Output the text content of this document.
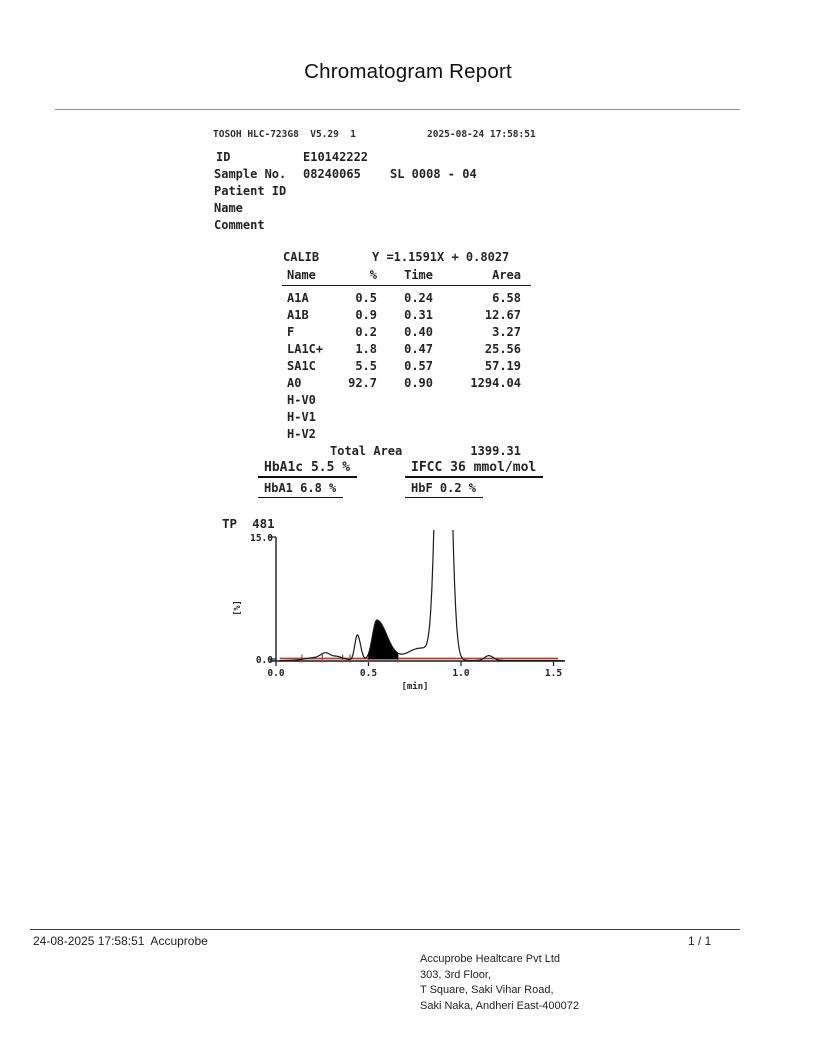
Chromatogram Report
TOSOH HLC-723G8  V5.29  1	2025-08-24 17:58:51
ID	E10142222
Sample No. 08240065 SL 0008 - 04
Patient ID
Name
Comment
CALIB	Y =1.1591X + 0.8027
Name	%	Time	Area
A1A	0.5	0.24	6.58
A1B	0.9	0.31	12.67
F	0.2	0.40	3.27
LA1C+	1.8	0.47	25.56
SA1C	5.5	0.57	57.19
A0	92.7	0.90	1294.04
H-V0
H-V1
H-V2
Total Area	1399.31
HbA1c 5.5 %	IFCC 36 mmol/mol
HbA1 6.8 %	HbF 0.2 %
TP  481
15.0
0.0
[%]
0.0	0.5	1.0	1.5
[min]
24-08-2025 17:58:51  Accuprobe	1 / 1
Accuprobe Healtcare Pvt Ltd
303, 3rd Floor,
T Square, Saki Vihar Road,
Saki Naka, Andheri East-400072
